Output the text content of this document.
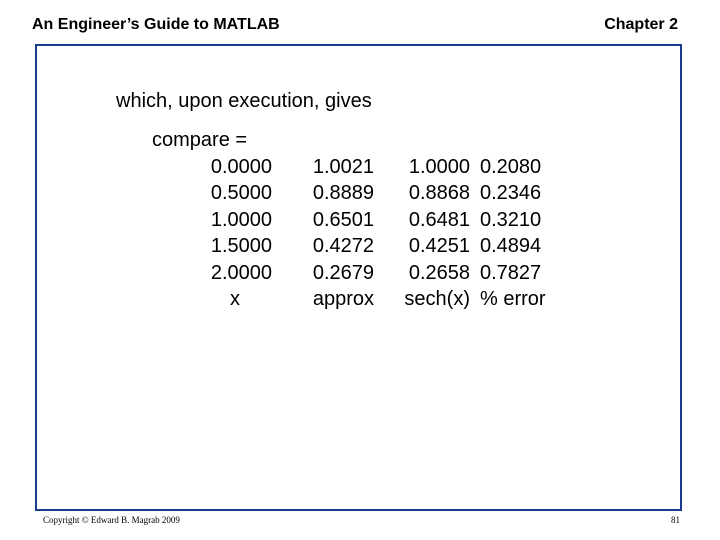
An Engineer’s Guide to MATLAB	Chapter 2
which, upon execution, gives
compare =
0.0000
0.5000
1.0000
1.5000
2.0000
x
1.0021
0.8889
0.6501
0.4272
0.2679
approx
1.0000
0.8868
0.6481
0.4251
0.2658
sech(x)
0.2080
0.2346
0.3210
0.4894
0.7827
% error
Copyright © Edward B. Magrab 2009	81
